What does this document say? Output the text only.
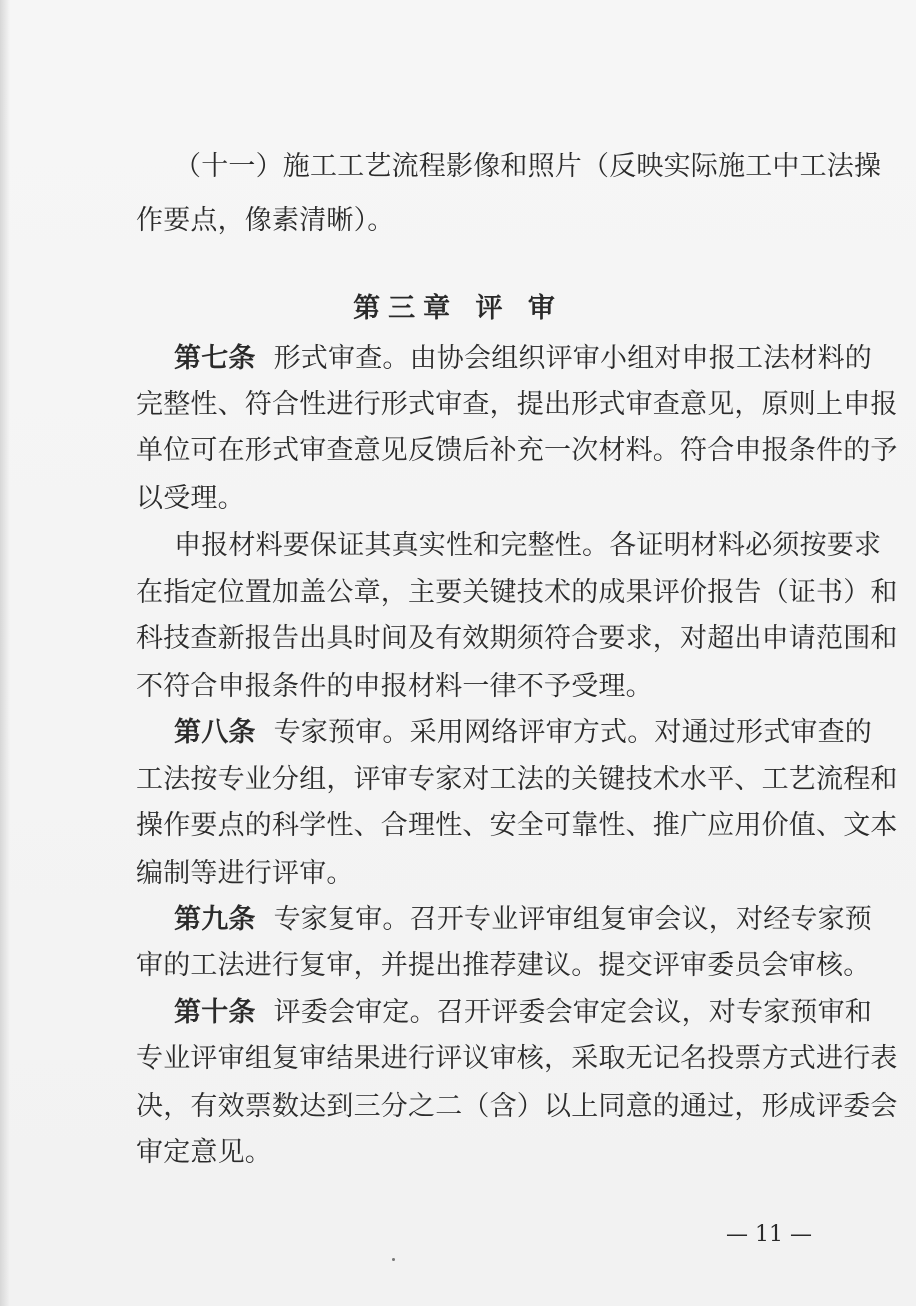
（十一）施工工艺流程影像和照片（反映实际施工中工法操
作要点，像素清晰）。
第三章 评 审
第七条 形式审查。由协会组织评审小组对申报工法材料的
完整性、符合性进行形式审查，提出形式审查意见，原则上申报
单位可在形式审查意见反馈后补充一次材料。符合申报条件的予
以受理。
申报材料要保证其真实性和完整性。各证明材料必须按要求
在指定位置加盖公章，主要关键技术的成果评价报告（证书）和
科技查新报告出具时间及有效期须符合要求，对超出申请范围和
不符合申报条件的申报材料一律不予受理。
第八条 专家预审。采用网络评审方式。对通过形式审查的
工法按专业分组，评审专家对工法的关键技术水平、工艺流程和
操作要点的科学性、合理性、安全可靠性、推广应用价值、文本
编制等进行评审。
第九条 专家复审。召开专业评审组复审会议，对经专家预
审的工法进行复审，并提出推荐建议。提交评审委员会审核。
第十条 评委会审定。召开评委会审定会议，对专家预审和
专业评审组复审结果进行评议审核，采取无记名投票方式进行表
决，有效票数达到三分之二（含）以上同意的通过，形成评委会
审定意见。
— 11 —
